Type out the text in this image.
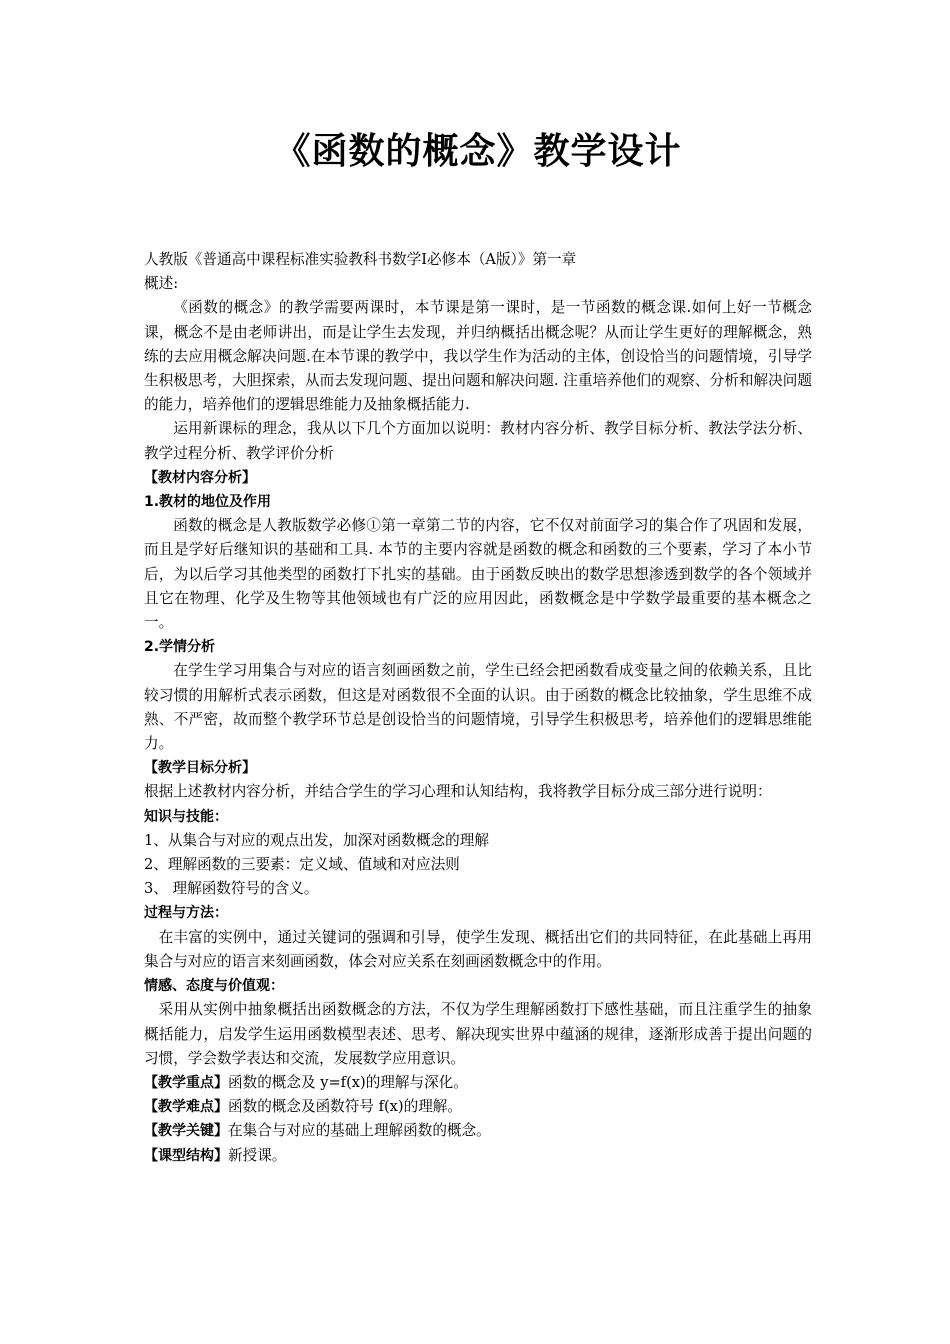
《函数的概念》教学设计

人教版《普通高中课程标准实验教科书数学Ⅰ必修本（A版）》第一章

概述:

《函数的概念》的教学需要两课时，本节课是第一课时，是一节函数的概念课.如何上好一节概念课，概念不是由老师讲出，而是让学生去发现，并归纳概括出概念呢？从而让学生更好的理解概念，熟练的去应用概念解决问题.在本节课的教学中，我以学生作为活动的主体，创设恰当的问题情境，引导学生积极思考，大胆探索，从而去发现问题、提出问题和解决问题. 注重培养他们的观察、分析和解决问题的能力，培养他们的逻辑思维能力及抽象概括能力.

运用新课标的理念，我从以下几个方面加以说明：教材内容分析、教学目标分析、教法学法分析、教学过程分析、教学评价分析

【教材内容分析】

1.教材的地位及作用

函数的概念是人教版数学必修①第一章第二节的内容，它不仅对前面学习的集合作了巩固和发展，而且是学好后继知识的基础和工具. 本节的主要内容就是函数的概念和函数的三个要素，学习了本小节后，为以后学习其他类型的函数打下扎实的基础。由于函数反映出的数学思想渗透到数学的各个领域并且它在物理、化学及生物等其他领域也有广泛的应用因此，函数概念是中学数学最重要的基本概念之一。

2.学情分析

在学生学习用集合与对应的语言刻画函数之前，学生已经会把函数看成变量之间的依赖关系，且比较习惯的用解析式表示函数，但这是对函数很不全面的认识。由于函数的概念比较抽象，学生思维不成熟、不严密，故而整个教学环节总是创设恰当的问题情境，引导学生积极思考，培养他们的逻辑思维能力。

【教学目标分析】

根据上述教材内容分析，并结合学生的学习心理和认知结构，我将教学目标分成三部分进行说明：

知识与技能：

1、从集合与对应的观点出发，加深对函数概念的理解

2、理解函数的三要素：定义域、值域和对应法则

3、 理解函数符号的含义。

过程与方法：

在丰富的实例中，通过关键词的强调和引导，使学生发现、概括出它们的共同特征，在此基础上再用集合与对应的语言来刻画函数，体会对应关系在刻画函数概念中的作用。

情感、态度与价值观：

采用从实例中抽象概括出函数概念的方法，不仅为学生理解函数打下感性基础，而且注重学生的抽象概括能力，启发学生运用函数模型表述、思考、解决现实世界中蕴涵的规律，逐渐形成善于提出问题的习惯，学会数学表达和交流，发展数学应用意识。

【教学重点】函数的概念及 y=f(x)的理解与深化。

【教学难点】函数的概念及函数符号 f(x)的理解。

【教学关键】在集合与对应的基础上理解函数的概念。

【课型结构】新授课。
